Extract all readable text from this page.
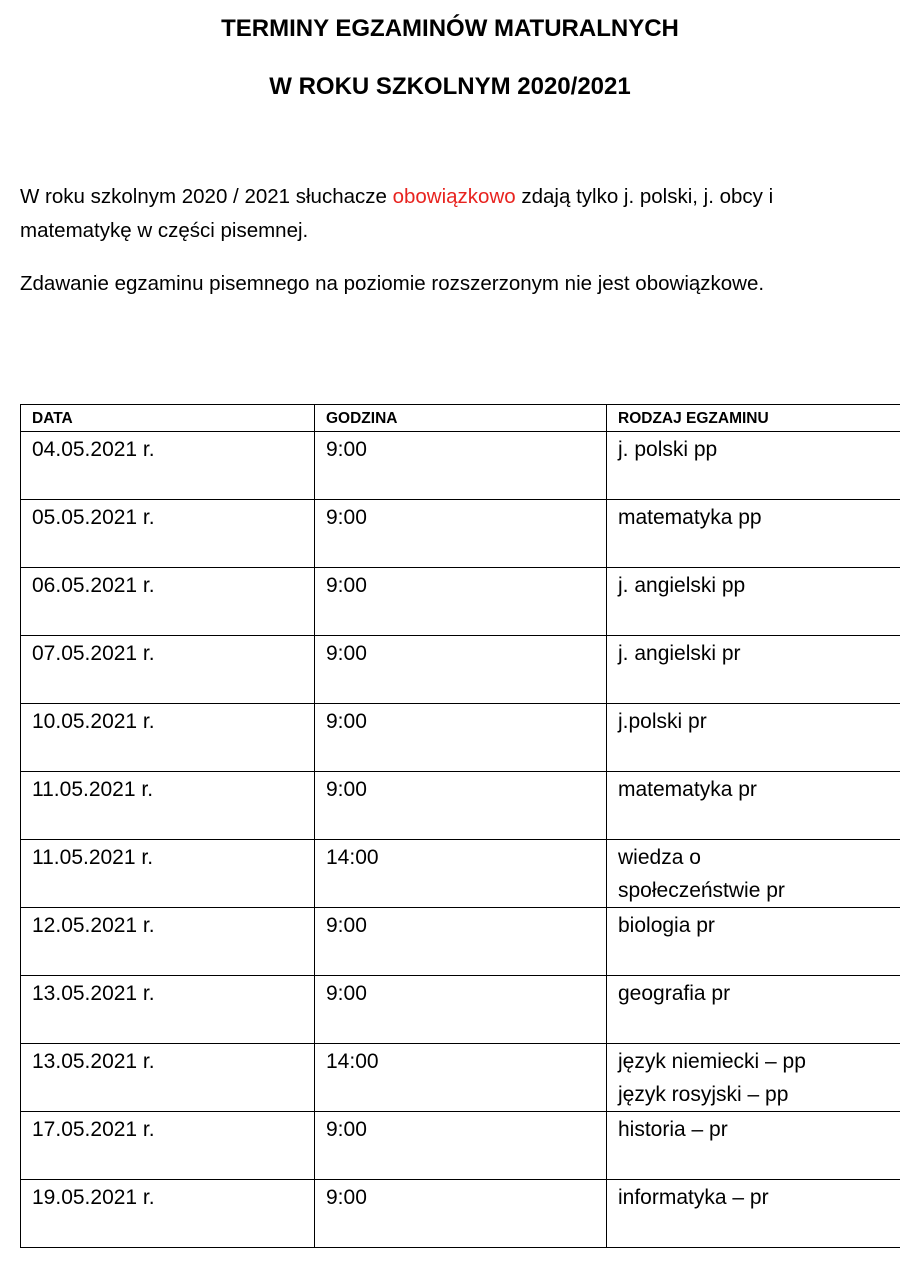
TERMINY EGZAMINÓW MATURALNYCH
W ROKU SZKOLNYM 2020/2021
W roku szkolnym 2020 / 2021 słuchacze obowiązkowo zdają tylko j. polski, j. obcy i matematykę w części pisemnej.
Zdawanie egzaminu pisemnego na poziomie rozszerzonym nie jest obowiązkowe.
DATA	GODZINA	RODZAJ EGZAMINU
04.05.2021 r.	9:00	j. polski pp

05.05.2021 r.	9:00	matematyka pp

06.05.2021 r.	9:00	j. angielski pp

07.05.2021 r.	9:00	j. angielski pr

10.05.2021 r.	9:00	j.polski pr

11.05.2021 r.	9:00	matematyka pr

11.05.2021 r.	14:00	wiedza o
społeczeństwie pr

12.05.2021 r.	9:00	biologia pr

13.05.2021 r.	9:00	geografia pr

13.05.2021 r.	14:00	język niemiecki – pp
język rosyjski – pp

17.05.2021 r.	9:00	historia – pr

19.05.2021 r.	9:00	informatyka – pr
